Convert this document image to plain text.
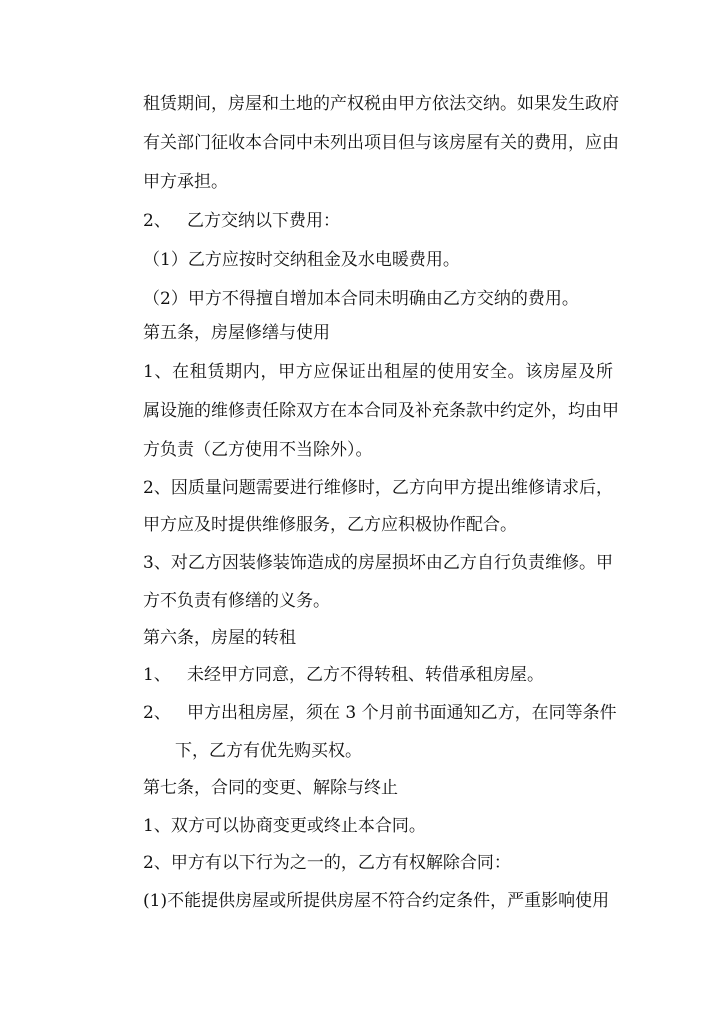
租赁期间，房屋和土地的产权税由甲方依法交纳。如果发生政府
有关部门征收本合同中未列出项目但与该房屋有关的费用，应由
甲方承担。
2、 乙方交纳以下费用：
（1）乙方应按时交纳租金及水电暖费用。
（2）甲方不得擅自增加本合同未明确由乙方交纳的费用。
第五条，房屋修缮与使用
1、在租赁期内，甲方应保证出租屋的使用安全。该房屋及所
属设施的维修责任除双方在本合同及补充条款中约定外，均由甲
方负责（乙方使用不当除外）。
2、因质量问题需要进行维修时，乙方向甲方提出维修请求后，
甲方应及时提供维修服务，乙方应积极协作配合。
3、对乙方因装修装饰造成的房屋损坏由乙方自行负责维修。甲
方不负责有修缮的义务。
第六条，房屋的转租
1、 未经甲方同意，乙方不得转租、转借承租房屋。
2、 甲方出租房屋，须在 3 个月前书面通知乙方，在同等条件
下，乙方有优先购买权。
第七条，合同的变更、解除与终止
1、双方可以协商变更或终止本合同。
2、甲方有以下行为之一的，乙方有权解除合同：
(1)不能提供房屋或所提供房屋不符合约定条件，严重影响使用
